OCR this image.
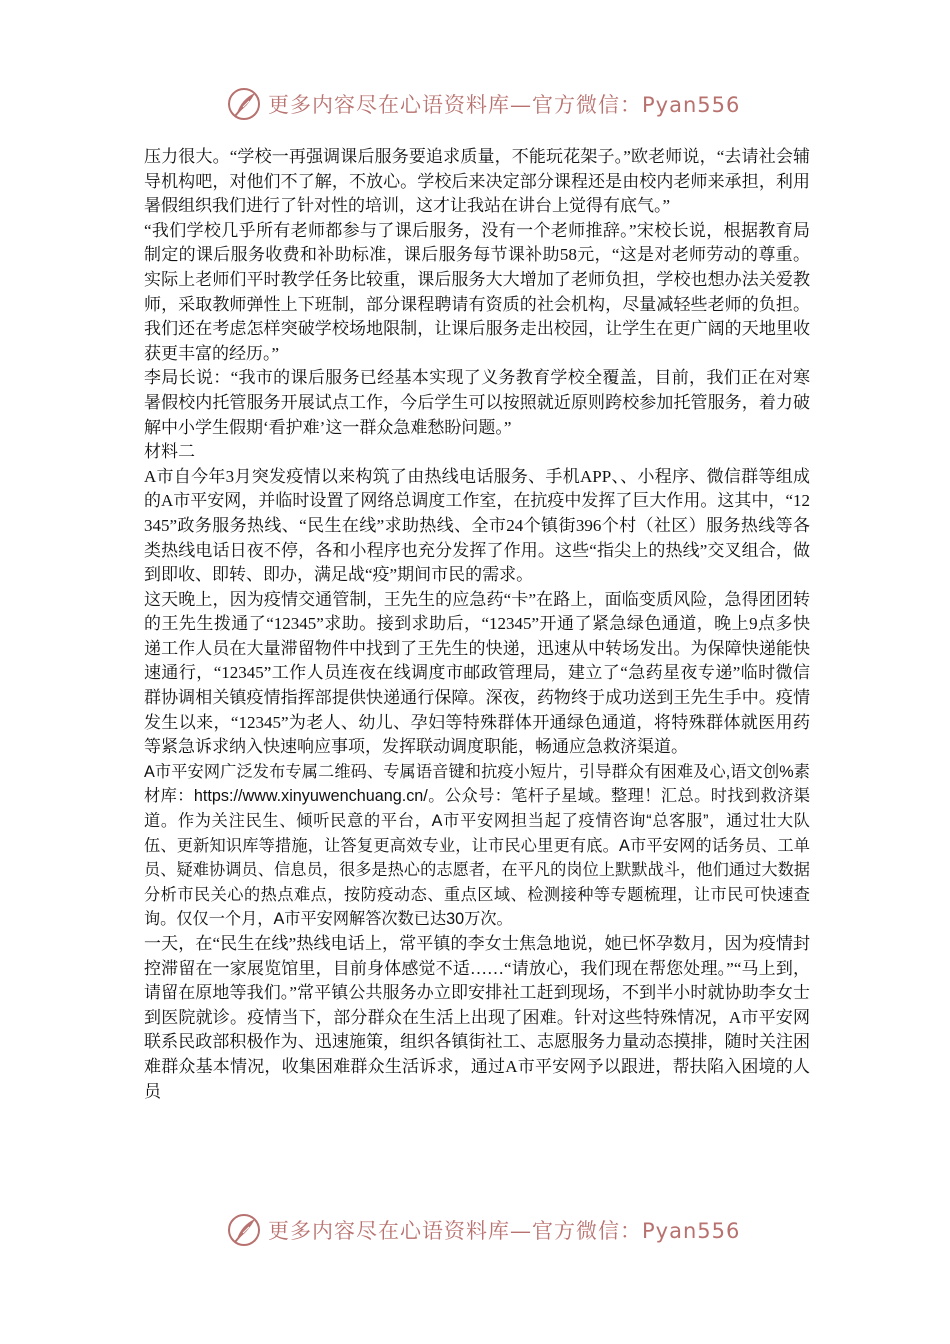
更多内容尽在心语资料库—官方微信：Pyan556

压力很大。“学校一再强调课后服务要追求质量，不能玩花架子。”欧老师说，“去请社会辅导机构吧，对他们不了解，不放心。学校后来决定部分课程还是由校内老师来承担，利用暑假组织我们进行了针对性的培训，这才让我站在讲台上觉得有底气。”

“我们学校几乎所有老师都参与了课后服务，没有一个老师推辞。”宋校长说，根据教育局制定的课后服务收费和补助标准，课后服务每节课补助58元，“这是对老师劳动的尊重。实际上老师们平时教学任务比较重，课后服务大大增加了老师负担，学校也想办法关爱教师，采取教师弹性上下班制，部分课程聘请有资质的社会机构，尽量减轻些老师的负担。我们还在考虑怎样突破学校场地限制，让课后服务走出校园，让学生在更广阔的天地里收获更丰富的经历。”

李局长说：“我市的课后服务已经基本实现了义务教育学校全覆盖，目前，我们正在对寒暑假校内托管服务开展试点工作，今后学生可以按照就近原则跨校参加托管服务，着力破解中小学生假期‘看护难’这一群众急难愁盼问题。”

材料二

A市自今年3月突发疫情以来构筑了由热线电话服务、手机APP、、小程序、微信群等组成的A市平安网，并临时设置了网络总调度工作室，在抗疫中发挥了巨大作用。这其中，“12345”政务服务热线、“民生在线”求助热线、全市24个镇街396个村（社区）服务热线等各类热线电话日夜不停，各和小程序也充分发挥了作用。这些“指尖上的热线”交叉组合，做到即收、即转、即办，满足战“疫”期间市民的需求。

这天晚上，因为疫情交通管制，王先生的应急药“卡”在路上，面临变质风险，急得团团转的王先生拨通了“12345”求助。接到求助后，“12345”开通了紧急绿色通道，晚上9点多快递工作人员在大量滞留物件中找到了王先生的快递，迅速从中转场发出。为保障快递能快速通行，“12345”工作人员连夜在线调度市邮政管理局，建立了“急药星夜专递”临时微信群协调相关镇疫情指挥部提供快递通行保障。深夜，药物终于成功送到王先生手中。疫情发生以来，“12345”为老人、幼儿、孕妇等特殊群体开通绿色通道，将特殊群体就医用药等紧急诉求纳入快速响应事项，发挥联动调度职能，畅通应急救济渠道。

A市平安网广泛发布专属二维码、专属语音键和抗疫小短片，引导群众有困难及心,语文创%素材库：https://www.xinyuwenchuang.cn/。公众号：笔杆子星域。整理！汇总。时找到救济渠道。作为关注民生、倾听民意的平台，A市平安网担当起了疫情咨询“总客服”，通过壮大队伍、更新知识库等措施，让答复更高效专业，让市民心里更有底。A市平安网的话务员、工单员、疑难协调员、信息员，很多是热心的志愿者，在平凡的岗位上默默战斗，他们通过大数据分析市民关心的热点难点，按防疫动态、重点区域、检测接种等专题梳理，让市民可快速查询。仅仅一个月，A市平安网解答次数已达30万次。

一天，在“民生在线”热线电话上，常平镇的李女士焦急地说，她已怀孕数月，因为疫情封控滞留在一家展览馆里，目前身体感觉不适……“请放心，我们现在帮您处理。”“马上到，请留在原地等我们。”常平镇公共服务办立即安排社工赶到现场，不到半小时就协助李女士到医院就诊。疫情当下，部分群众在生活上出现了困难。针对这些特殊情况，A市平安网联系民政部积极作为、迅速施策，组织各镇街社工、志愿服务力量动态摸排，随时关注困难群众基本情况，收集困难群众生活诉求，通过A市平安网予以跟进，帮扶陷入困境的人员

更多内容尽在心语资料库—官方微信：Pyan556
